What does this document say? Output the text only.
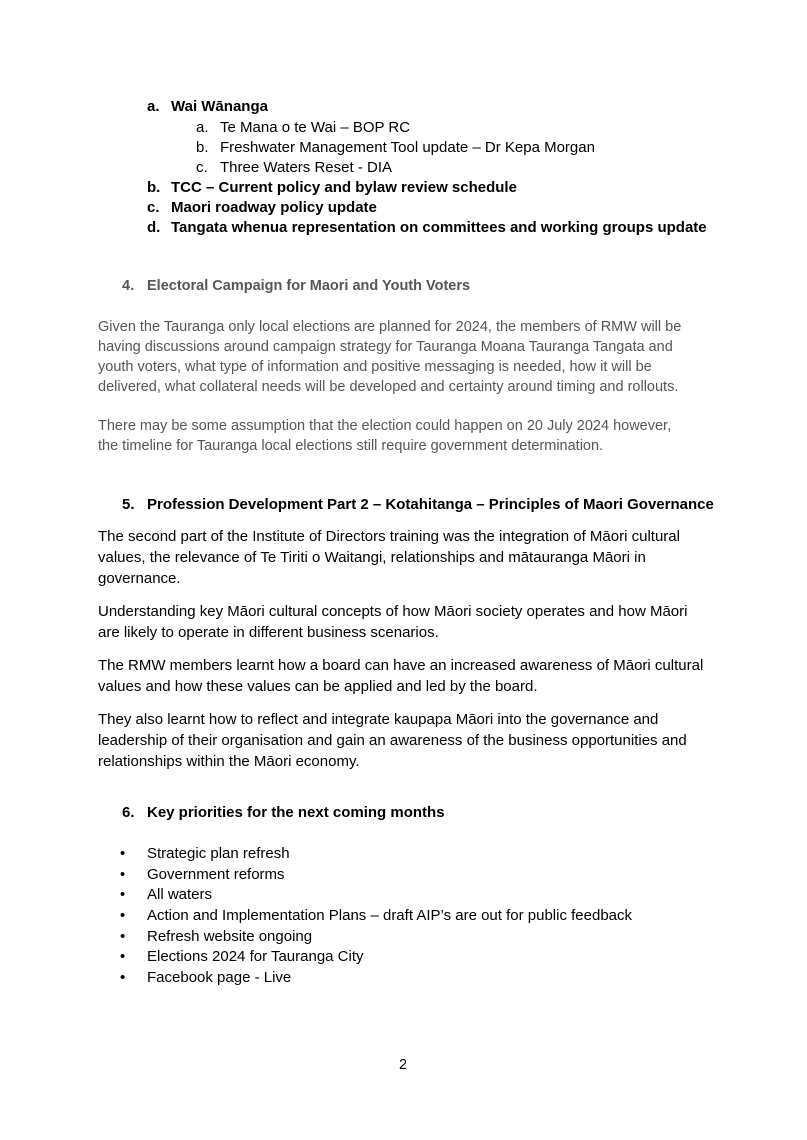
a. Wai Wānanga
a. Te Mana o te Wai – BOP RC
b. Freshwater Management Tool update – Dr Kepa Morgan
c. Three Waters Reset - DIA
b. TCC – Current policy and bylaw review schedule
c. Maori roadway policy update
d. Tangata whenua representation on committees and working groups update
4. Electoral Campaign for Maori and Youth Voters
Given the Tauranga only local elections are planned for 2024, the members of RMW will be
having discussions around campaign strategy for Tauranga Moana Tauranga Tangata and
youth voters, what type of information and positive messaging is needed, how it will be
delivered, what collateral needs will be developed and certainty around timing and rollouts.
There may be some assumption that the election could happen on 20 July 2024 however,
the timeline for Tauranga local elections still require government determination.
5. Profession Development Part 2 – Kotahitanga – Principles of Maori Governance
The second part of the Institute of Directors training was the integration of Māori cultural
values, the relevance of Te Tiriti o Waitangi, relationships and mātauranga Māori in
governance.
Understanding key Māori cultural concepts of how Māori society operates and how Māori
are likely to operate in different business scenarios.
The RMW members learnt how a board can have an increased awareness of Māori cultural
values and how these values can be applied and led by the board.
They also learnt how to reflect and integrate kaupapa Māori into the governance and
leadership of their organisation and gain an awareness of the business opportunities and
relationships within the Māori economy.
6. Key priorities for the next coming months
• Strategic plan refresh
• Government reforms
• All waters
• Action and Implementation Plans – draft AIP’s are out for public feedback
• Refresh website ongoing
• Elections 2024 for Tauranga City
• Facebook page - Live
2
